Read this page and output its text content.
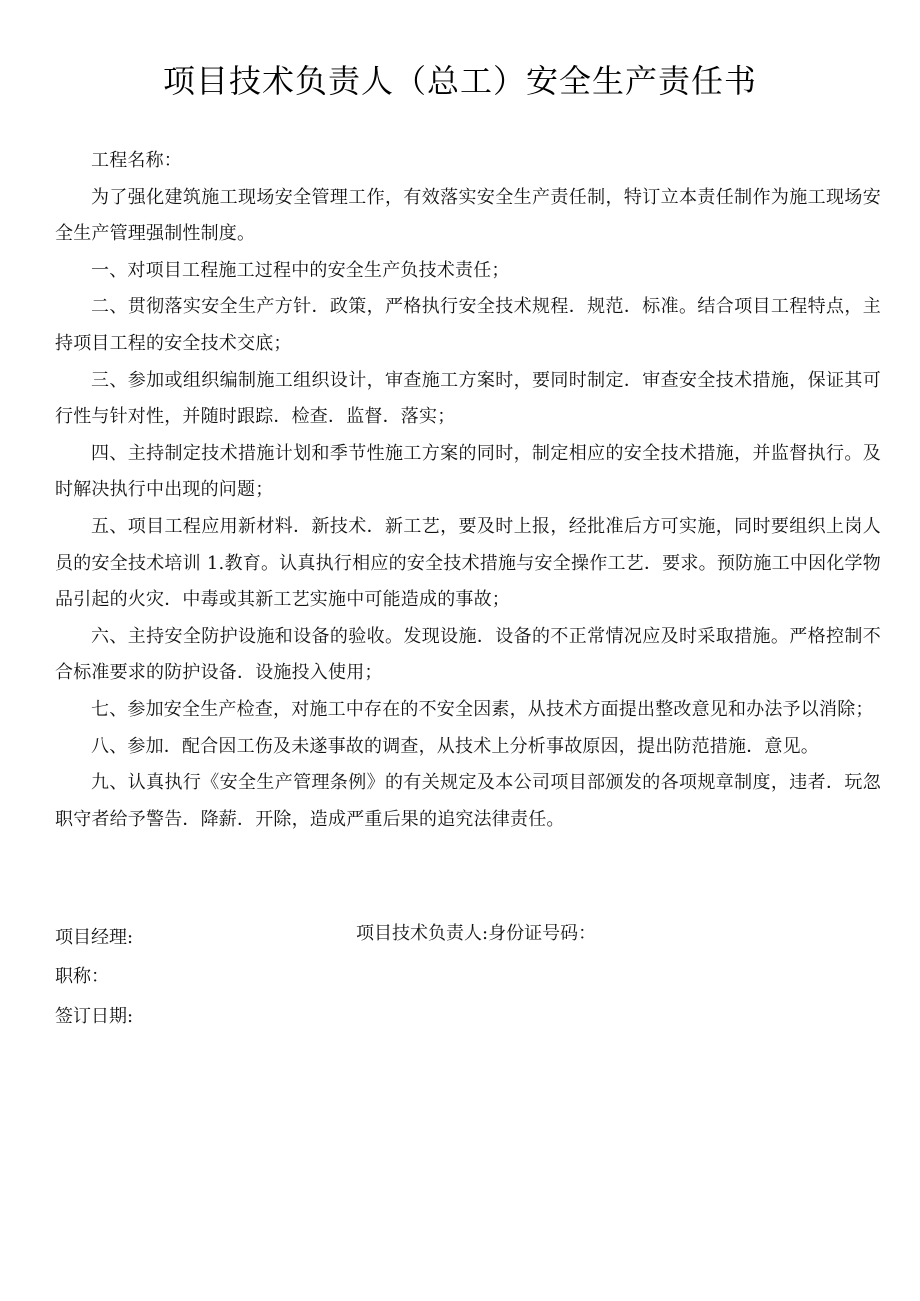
项目技术负责人（总工）安全生产责任书

工程名称：

为了强化建筑施工现场安全管理工作，有效落实安全生产责任制，特订立本责任制作为施工现场安全生产管理强制性制度。

一、对项目工程施工过程中的安全生产负技术责任；

二、贯彻落实安全生产方针．政策，严格执行安全技术规程．规范．标准。结合项目工程特点，主持项目工程的安全技术交底；

三、参加或组织编制施工组织设计，审查施工方案时，要同时制定．审查安全技术措施，保证其可行性与针对性，并随时跟踪．检查．监督．落实；

四、主持制定技术措施计划和季节性施工方案的同时，制定相应的安全技术措施，并监督执行。及时解决执行中出现的问题；

五、项目工程应用新材料．新技术．新工艺，要及时上报，经批准后方可实施，同时要组织上岗人员的安全技术培训 1.教育。认真执行相应的安全技术措施与安全操作工艺．要求。预防施工中因化学物品引起的火灾．中毒或其新工艺实施中可能造成的事故；

六、主持安全防护设施和设备的验收。发现设施．设备的不正常情况应及时采取措施。严格控制不合标准要求的防护设备．设施投入使用；

七、参加安全生产检查，对施工中存在的不安全因素，从技术方面提出整改意见和办法予以消除；

八、参加．配合因工伤及未遂事故的调查，从技术上分析事故原因，提出防范措施．意见。

九、认真执行《安全生产管理条例》的有关规定及本公司项目部颁发的各项规章制度，违者．玩忽职守者给予警告．降薪．开除，造成严重后果的追究法律责任。

项目经理:	项目技术负责人:身份证号码：
职称：
签订日期:
